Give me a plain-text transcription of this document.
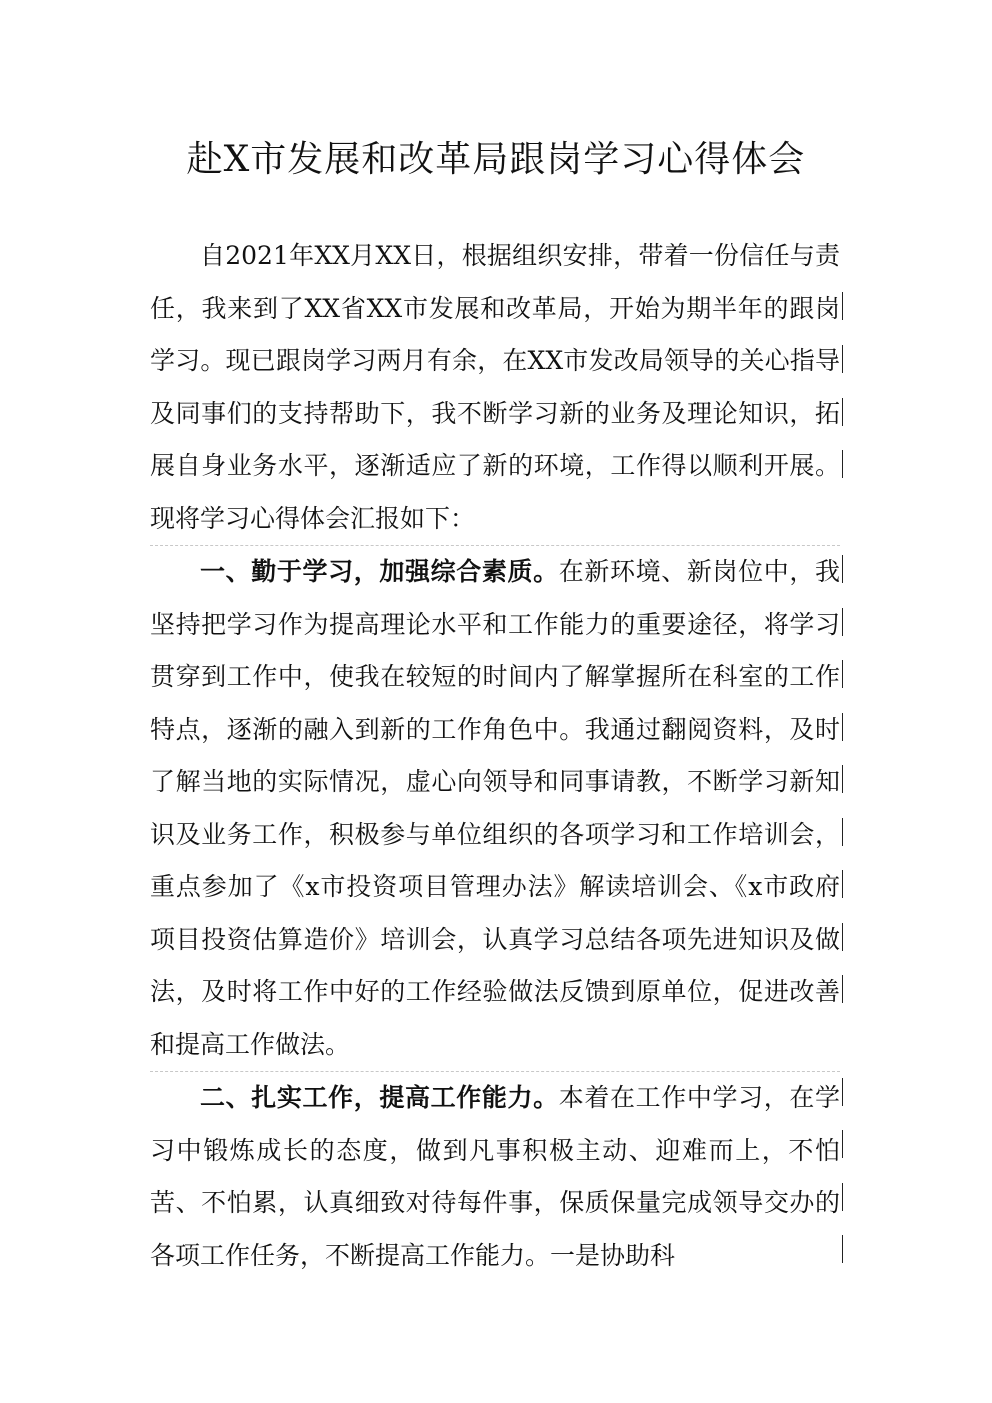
赴X市发展和改革局跟岗学习心得体会

自2021年XX月XX日，根据组织安排，带着一份信任与责任，我来到了XX省XX市发展和改革局，开始为期半年的跟岗学习。现已跟岗学习两月有余，在XX市发改局领导的关心指导及同事们的支持帮助下，我不断学习新的业务及理论知识，拓展自身业务水平，逐渐适应了新的环境，工作得以顺利开展。现将学习心得体会汇报如下：

一、勤于学习，加强综合素质。在新环境、新岗位中，我坚持把学习作为提高理论水平和工作能力的重要途径，将学习贯穿到工作中，使我在较短的时间内了解掌握所在科室的工作特点，逐渐的融入到新的工作角色中。我通过翻阅资料，及时了解当地的实际情况，虚心向领导和同事请教，不断学习新知识及业务工作，积极参与单位组织的各项学习和工作培训会，重点参加了《x市投资项目管理办法》解读培训会、《x市政府项目投资估算造价》培训会，认真学习总结各项先进知识及做法，及时将工作中好的工作经验做法反馈到原单位，促进改善和提高工作做法。

二、扎实工作，提高工作能力。本着在工作中学习，在学习中锻炼成长的态度，做到凡事积极主动、迎难而上，不怕苦、不怕累，认真细致对待每件事，保质保量完成领导交办的各项工作任务，不断提高工作能力。一是协助科
